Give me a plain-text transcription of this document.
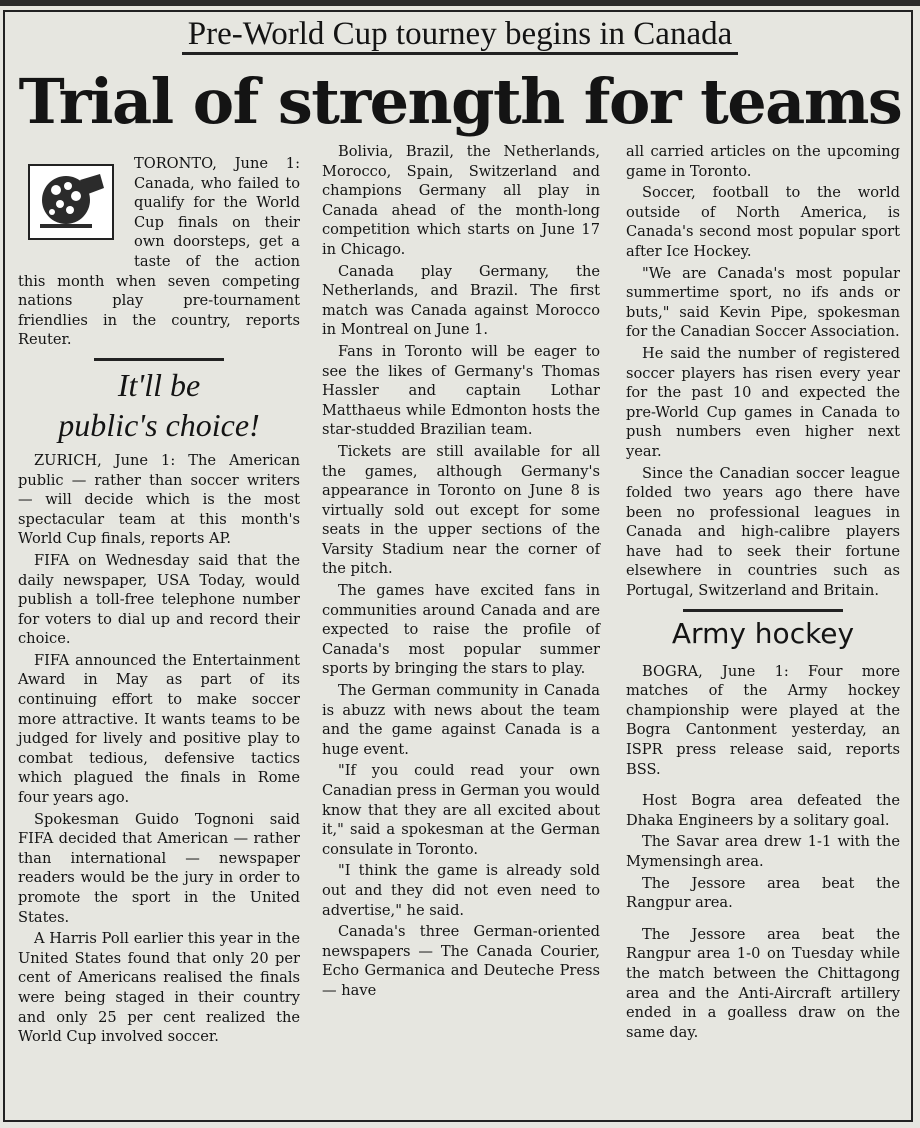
Pre-World Cup tourney begins in Canada
Trial of strength for teams

TORONTO, June 1: Canada, who failed to qualify for the World Cup finals on their own doorsteps, get a taste of the action this month when seven competing nations play pre-tournament friendlies in the country, reports Reuter.

It'll be
public's choice!

ZURICH, June 1: The American public — rather than soccer writers — will decide which is the most spectacular team at this month's World Cup finals, reports AP.

FIFA on Wednesday said that the daily newspaper, USA Today, would publish a toll-free telephone number for voters to dial up and record their choice.

FIFA announced the Entertainment Award in May as part of its continuing effort to make soccer more attractive. It wants teams to be judged for lively and positive play to combat tedious, defensive tactics which plagued the finals in Rome four years ago.

Spokesman Guido Tognoni said FIFA decided that American — rather than international — newspaper readers would be the jury in order to promote the sport in the United States.

A Harris Poll earlier this year in the United States found that only 20 per cent of Americans realised the finals were being staged in their country and only 25 per cent realized the World Cup involved soccer.

Bolivia, Brazil, the Netherlands, Morocco, Spain, Switzerland and champions Germany all play in Canada ahead of the month-long competition which starts on June 17 in Chicago.

Canada play Germany, the Netherlands, and Brazil. The first match was Canada against Morocco in Montreal on June 1.

Fans in Toronto will be eager to see the likes of Germany's Thomas Hassler and captain Lothar Matthaeus while Edmonton hosts the star-studded Brazilian team.

Tickets are still available for all the games, although Germany's appearance in Toronto on June 8 is virtually sold out except for some seats in the upper sections of the Varsity Stadium near the corner of the pitch.

The games have excited fans in communities around Canada and are expected to raise the profile of Canada's most popular summer sports by bringing the stars to play.

The German community in Canada is abuzz with news about the team and the game against Canada is a huge event.

"If you could read your own Canadian press in German you would know that they are all excited about it," said a spokesman at the German consulate in Toronto.

"I think the game is already sold out and they did not even need to advertise," he said.

Canada's three German-oriented newspapers — The Canada Courier, Echo Germanica and Deuteche Press — have

all carried articles on the upcoming game in Toronto.

Soccer, football to the world outside of North America, is Canada's second most popular sport after Ice Hockey.

"We are Canada's most popular summertime sport, no ifs ands or buts," said Kevin Pipe, spokesman for the Canadian Soccer Association.

He said the number of registered soccer players has risen every year for the past 10 and expected the pre-World Cup games in Canada to push numbers even higher next year.

Since the Canadian soccer league folded two years ago there have been no professional leagues in Canada and high-calibre players have had to seek their fortune elsewhere in countries such as Portugal, Switzerland and Britain.

Army hockey

BOGRA, June 1: Four more matches of the Army hockey championship were played at the Bogra Cantonment yesterday, an ISPR press release said, reports BSS.

Host Bogra area defeated the Dhaka Engineers by a solitary goal.

The Savar area drew 1-1 with the Mymensingh area.

The Jessore area beat the Rangpur area.

The Jessore area beat the Rangpur area 1-0 on Tuesday while the match between the Chittagong area and the Anti-Aircraft artillery ended in a goalless draw on the same day.
